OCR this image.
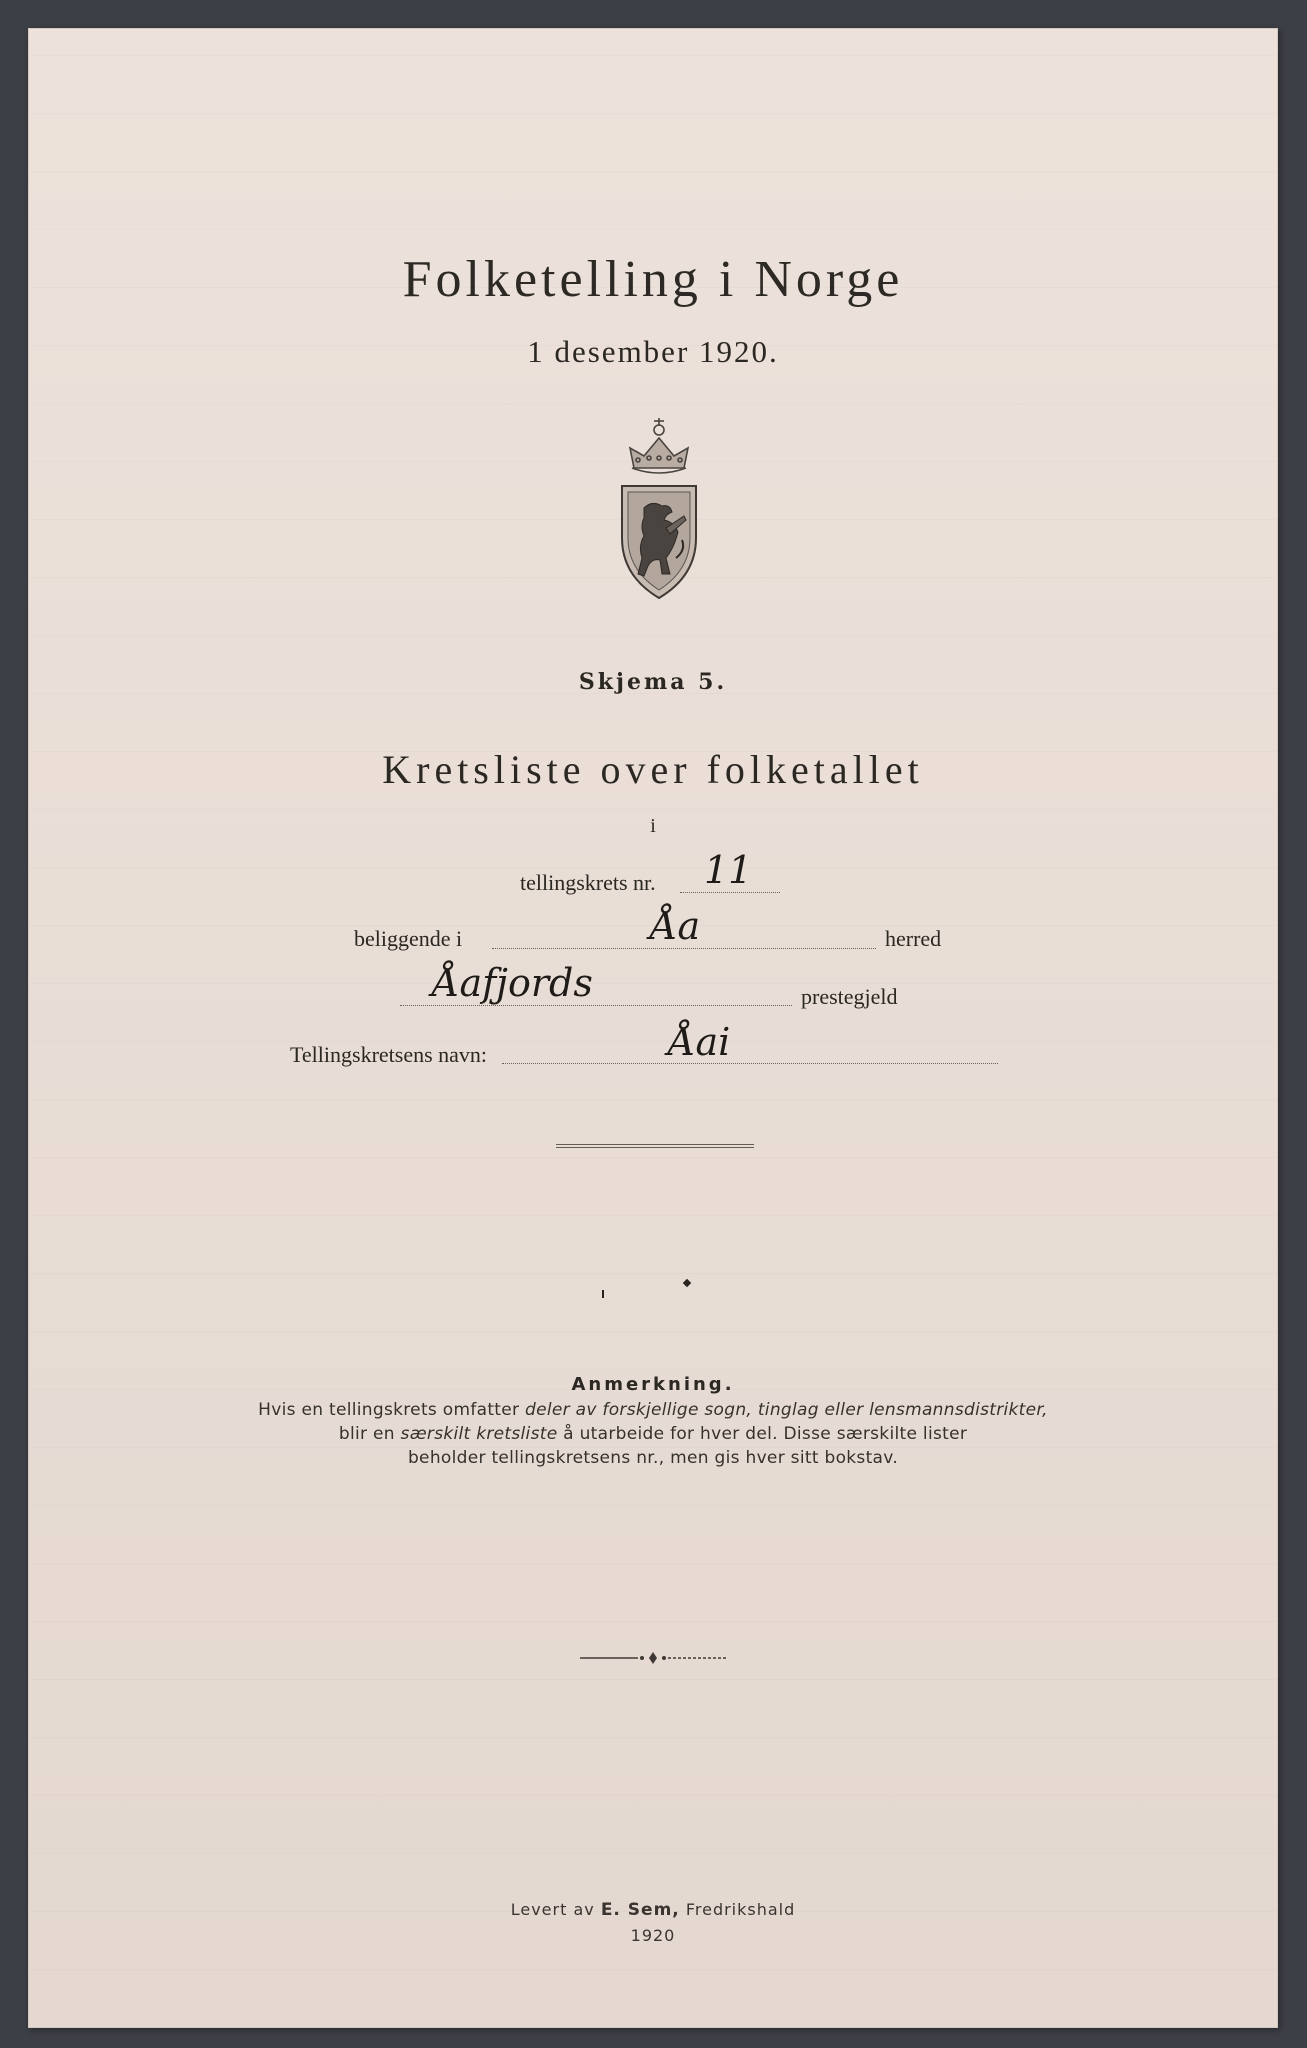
Folketelling i Norge
1 desember 1920.
Skjema 5.
Kretsliste over folketallet
i
tellingskrets nr. 11
beliggende i	Åa	herred
Åafjords	prestegjeld
Tellingskretsens navn:	Åai
Anmerkning.
Hvis en tellingskrets omfatter deler av forskjellige sogn, tinglag eller lensmannsdistrikter,
blir en særskilt kretsliste å utarbeide for hver del. Disse særskilte lister
beholder tellingskretsens nr., men gis hver sitt bokstav.
Levert av E. Sem, Fredrikshald
1920
